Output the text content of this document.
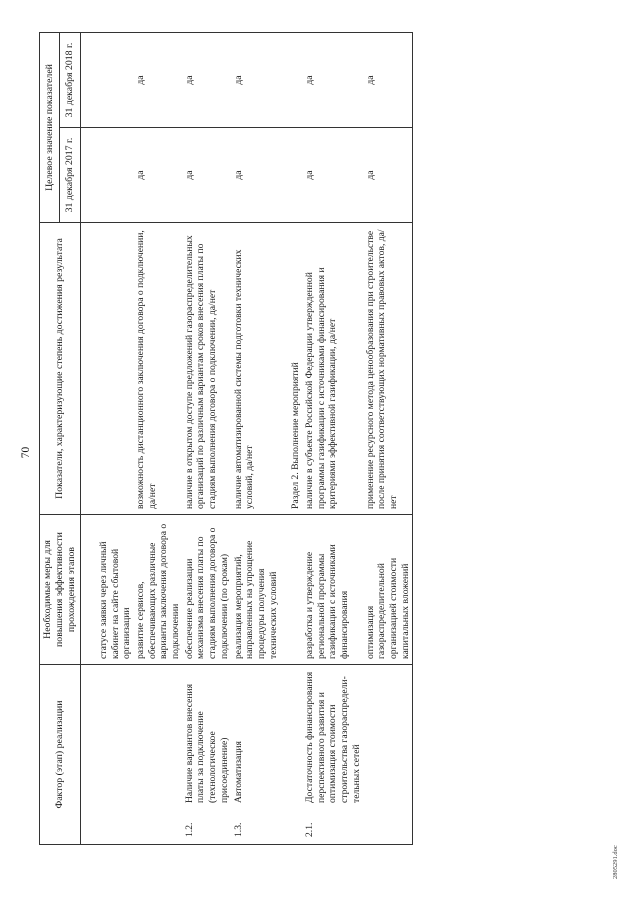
70
Фактор (этап) реализации	Необходимые меры для повышения эффективности прохождения этапов	Показатели, характеризующие степень достижения результата	Целевое значение показателей
31 декабря 2017 г.	31 декабря 2018 г.

	статусе заявки через личный кабинет на сайте сбытовой организации			
	развитие сервисов, обеспечивающих различные варианты заключения договора о подключении	возможность дистанционного заключения договора о подключении, да/нет	да	да

1.2.	Наличие вариантов внесения платы за подключение (технологическое присоединение)
	обеспечение реализации механизма внесения платы по стадиям выполнения договора о подключении (по срокам)	наличие в открытом доступе предложений газораспределительных организаций по различным вариантам сроков внесения платы по стадиям выполнения договора о подключении, да/нет	да	да

1.3.	Автоматизация
	реализация мероприятий, направленных на упрощение процедуры получения технических условий	наличие автоматизированной системы подготовки технических условий, да/нет	да	да
		Раздел 2. Выполнение мероприятий		

2.1.	Достаточность финансирования перспективного развития и оптимизация стоимости строительства газораспредели-тельных сетей
	разработка и утверждение региональной программы газификации с источниками финансирования	наличие в субъекте Российской Федерации утвержденной программы газификации с источниками финансирования и критериями эффективной газификации, да/нет	да	да
	оптимизация газораспределительной организацией стоимости капитальных вложений	применение ресурсного метода ценообразования при строительстве после принятия соответствующих нормативных правовых актов, да/нет	да	да
2805291.doc
